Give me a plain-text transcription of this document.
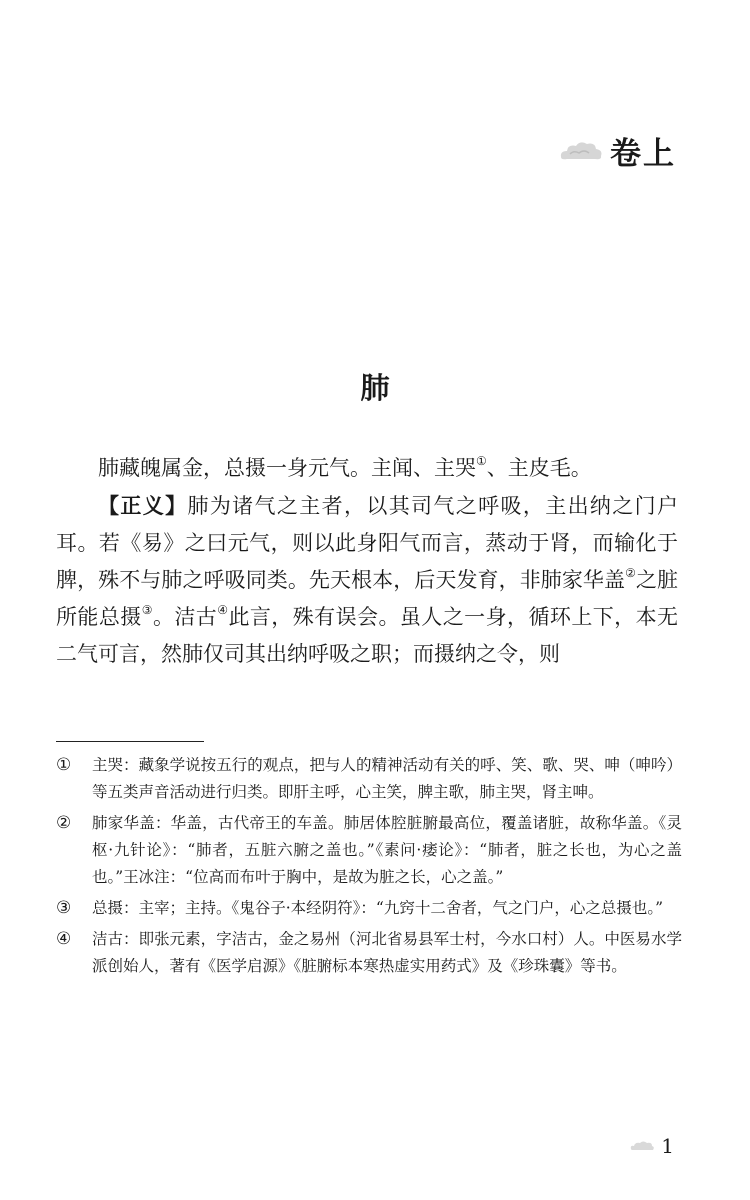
卷上
肺

肺藏魄属金，总摄一身元气。主闻、主哭①、主皮毛。

【正义】肺为诸气之主者，以其司气之呼吸，主出纳之门户耳。若《易》之曰元气，则以此身阳气而言，蒸动于肾，而输化于脾，殊不与肺之呼吸同类。先天根本，后天发育，非肺家华盖②之脏所能总摄③。洁古④此言，殊有误会。虽人之一身，循环上下，本无二气可言，然肺仅司其出纳呼吸之职；而摄纳之令，则

①	主哭：藏象学说按五行的观点，把与人的精神活动有关的呼、笑、歌、哭、呻（呻吟）等五类声音活动进行归类。即肝主呼，心主笑，脾主歌，肺主哭，肾主呻。
②	肺家华盖：华盖，古代帝王的车盖。肺居体腔脏腑最高位，覆盖诸脏，故称华盖。《灵枢·九针论》：“肺者，五脏六腑之盖也。”《素问·痿论》：“肺者，脏之长也，为心之盖也。”王冰注：“位高而布叶于胸中，是故为脏之长，心之盖。”
③	总摄：主宰；主持。《鬼谷子·本经阴符》：“九窍十二舍者，气之门户，心之总摄也。”
④	洁古：即张元素，字洁古，金之易州（河北省易县军士村，今水口村）人。中医易水学派创始人，著有《医学启源》《脏腑标本寒热虚实用药式》及《珍珠囊》等书。
1
